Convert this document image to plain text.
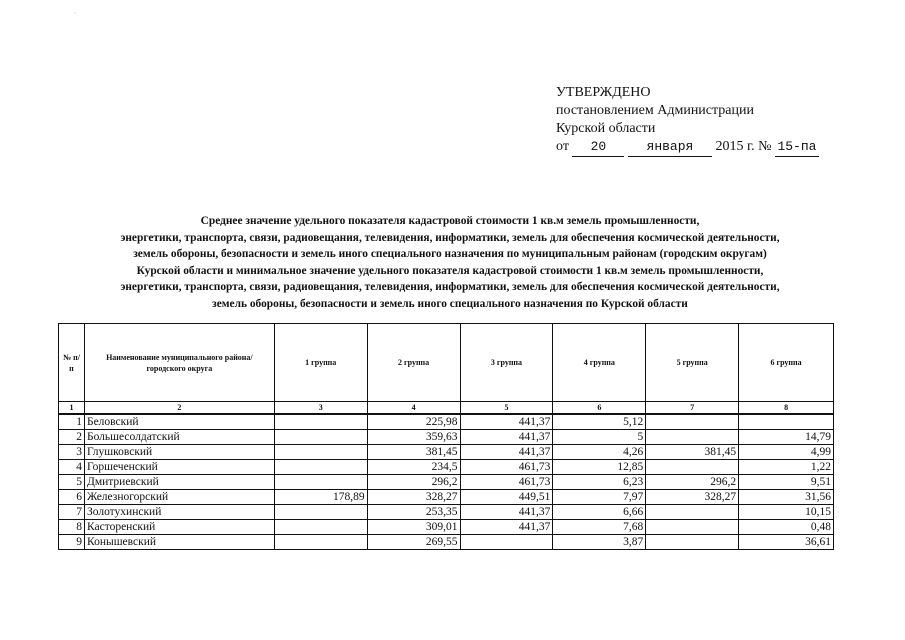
`
УТВЕРЖДЕНО
постановлением Администрации
Курской области
от 20	января 2015 г. № 15-па
Среднее значение удельного показателя кадастровой стоимости 1 кв.м земель промышленности,
энергетики, транспорта, связи, радиовещания, телевидения, информатики, земель для обеспечения космической деятельности,
земель обороны, безопасности и земель иного специального назначения по муниципальным районам (городским округам)
Курской области и минимальное значение удельного показателя кадастровой стоимости 1 кв.м земель промышленности,
энергетики, транспорта, связи, радиовещания, телевидения, информатики, земель для обеспечения космической деятельности,
земель обороны, безопасности и земель иного специального назначения по Курской области
№ п/п	Наименование муниципального района/городского округа	1 группа	2 группа	3 группа	4 группа	5 группа	6 группа
1	2	3	4	5	6	7	8
1	Беловский		225,98	441,37	5,12		
2	Большесолдатский		359,63	441,37	5		14,79
3	Глушковский		381,45	441,37	4,26	381,45	4,99
4	Горшеченский		234,5	461,73	12,85		1,22
5	Дмитриевский		296,2	461,73	6,23	296,2	9,51
6	Железногорский	178,89	328,27	449,51	7,97	328,27	31,56
7	Золотухинский		253,35	441,37	6,66		10,15
8	Касторенский		309,01	441,37	7,68		0,48
9	Конышевский		269,55		3,87		36,61
